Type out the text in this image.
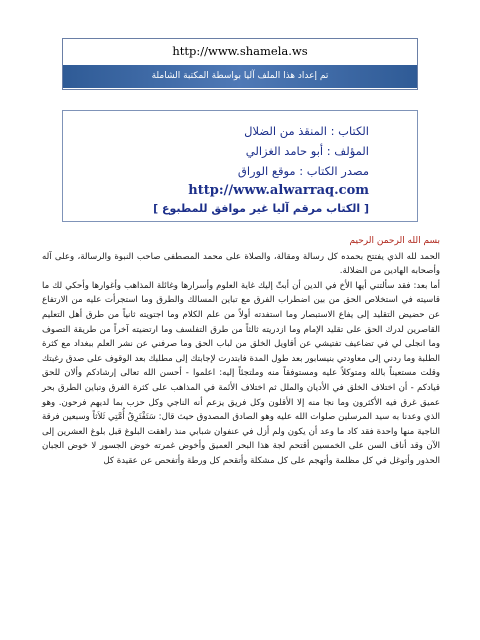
http://www.shamela.ws
تم إعداد هذا الملف آليا بواسطة المكتبة الشاملة
الكتاب : المنقذ من الضلال
المؤلف : أبو حامد الغزالي
مصدر الكتاب : موقع الوراق
http://www.alwarraq.com
[ الكتاب مرقم آليا غير موافق للمطبوع ]
بسم الله الرحمن الرحيم

الحمد لله الذي يفتتح بحمده كل رسالة ومقالة، والصلاة على محمد المصطفى صاحب النبوة والرسالة، وعلى آله وأصحابه الهادين من الضلالة.

أما بعد: فقد سألتني أيها الأخ في الدين أن أبثّ إليك غاية العلوم وأسرارها وغائلة المذاهب وأغوارها وأحكي لك ما قاسيته في استخلاص الحق من بين اضطراب الفرق مع تباين المسالك والطرق وما استجرأت عليه من الارتفاع عن حضيض التقليد إلى يفاع الاستبصار وما استفدته أولاً من علم الكلام وما اجتويته ثانياً من طرق أهل التعليم القاصرين لدرك الحق على تقليد الإمام وما ازدريته ثالثاً من طرق التفلسف وما ارتضيته آخراً من طريقة التصوف وما انجلى لي في تضاعيف تفتيشي عن أقاويل الخلق من لباب الحق وما صرفني عن نشر العلم ببغداد مع كثرة الطلبة وما ردني إلى معاودتي بنيسابور بعد طول المدة فابتدرت لإجابتك إلى مطلبك بعد الوقوف على صدق رغبتك وقلت مستعيناً بالله ومتوكلاً عليه ومستوفقاً منه وملتجئاً إليه: اعلموا - أحسن الله تعالى إرشادكم وألان للحق قيادكم - أن اختلاف الخلق في الأديان والملل ثم اختلاف الأئمة في المذاهب على كثرة الفرق وتباين الطرق بحر عميق غرق فيه الأكثرون وما نجا منه إلا الأقلون وكل فريق يزعم أنه الناجي وكل حزب بما لديهم فرحون. وهو الذي وعدنا به سيد المرسلين صلوات الله عليه وهو الصادق المصدوق حيث قال: سَتَفْتَرِقُ أُمَّتِي ثَلاَثاً وسبعين فرقة الناجية منها واحدة فقد كاد ما وعد أن يكون ولم أزل في عنفوان شبابي منذ راهقت البلوغ قبل بلوغ العشرين إلى الآن وقد أناف السن على الخمسين أقتحم لجة هذا البحر العميق وأخوض غمرته خوض الجسور لا خوض الجبان الحذور وأتوغل في كل مظلمة وأتهجم على كل مشكلة وأتقحم كل ورطة وأتفحص عن عقيدة كل
